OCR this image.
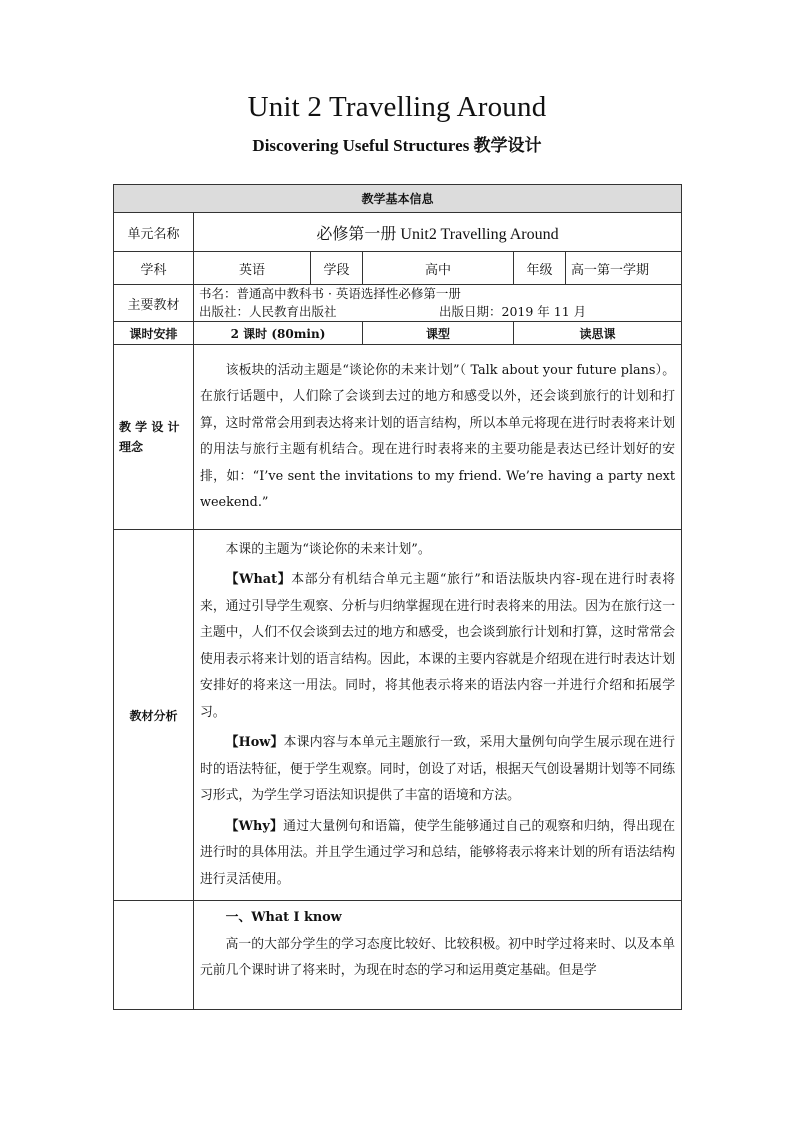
Unit 2 Travelling Around
Discovering Useful Structures 教学设计
教学基本信息					
单元名称	必修第一册 Unit2 Travelling Around				
学科	英语	学段	高中	年级	高一第一学期
主要教材	书名：普通高中教科书 · 英语选择性必修第一册
出版社：人民教育出版社 出版日期：2019 年 11 月				

课时安排	2 课时 (80min)		课型	读思课	
教 学 设 计 理念	该板块的活动主题是“谈论你的未来计划”（ Talk about your future plans）。在旅行话题中，人们除了会谈到去过的地方和感受以外，还会谈到旅行的计划和打算，这时常常会用到表达将来计划的语言结构，所以本单元将现在进行时表将来计划的用法与旅行主题有机结合。现在进行时表将来的主要功能是表达已经计划好的安排，如：“I’ve sent the invitations to my friend. We’re having a party next weekend.”				

教材分析	本课的主题为“谈论你的未来计划”。

【What】本部分有机结合单元主题“旅行”和语法版块内容-现在进行时表将来，通过引导学生观察、分析与归纳掌握现在进行时表将来的用法。因为在旅行这一主题中，人们不仅会谈到去过的地方和感受，也会谈到旅行计划和打算，这时常常会使用表示将来计划的语言结构。因此，本课的主要内容就是介绍现在进行时表达计划安排好的将来这一用法。同时，将其他表示将来的语法内容一并进行介绍和拓展学习。

【How】本课内容与本单元主题旅行一致，采用大量例句向学生展示现在进行时的语法特征，便于学生观察。同时，创设了对话，根据天气创设暑期计划等不同练习形式，为学生学习语法知识提供了丰富的语境和方法。

【Why】通过大量例句和语篇，使学生能够通过自己的观察和归纳，得出现在进行时的具体用法。并且学生通过学习和总结，能够将表示将来计划的所有语法结构进行灵活使用。				

	一、What I know

高一的大部分学生的学习态度比较好、比较积极。初中时学过将来时、以及本单元前几个课时讲了将来时，为现在时态的学习和运用奠定基础。但是学				
